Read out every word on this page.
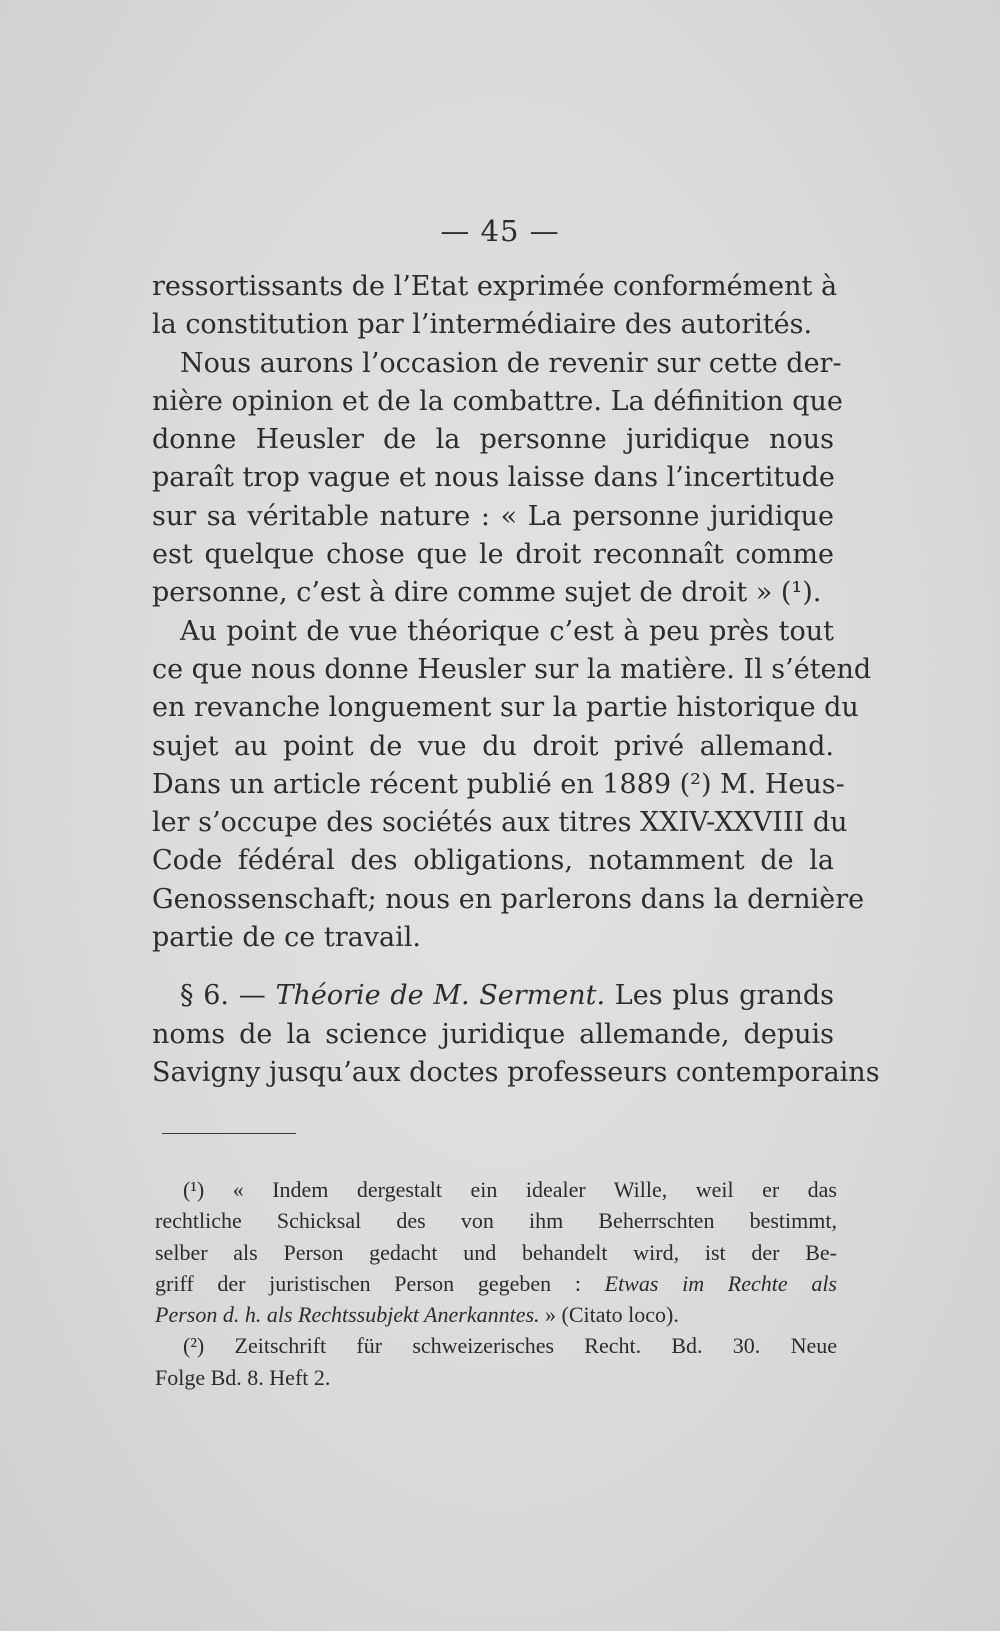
— 45 —
ressortissants de l’Etat exprimée conformément à
la constitution par l’intermédiaire des autorités.
Nous aurons l’occasion de revenir sur cette der-
nière opinion et de la combattre. La définition que
donne Heusler de la personne juridique nous
paraît trop vague et nous laisse dans l’incertitude
sur sa véritable nature : « La personne juridique
est quelque chose que le droit reconnaît comme
personne, c’est à dire comme sujet de droit » (¹).
Au point de vue théorique c’est à peu près tout
ce que nous donne Heusler sur la matière. Il s’étend
en revanche longuement sur la partie historique du
sujet au point de vue du droit privé allemand.
Dans un article récent publié en 1889 (²) M. Heus-
ler s’occupe des sociétés aux titres XXIV-XXVIII du
Code fédéral des obligations, notamment de la
Genossenschaft; nous en parlerons dans la dernière
partie de ce travail.
§ 6. — Théorie de M. Serment. Les plus grands
noms de la science juridique allemande, depuis
Savigny jusqu’aux doctes professeurs contemporains
(¹) « Indem dergestalt ein idealer Wille, weil er das
rechtliche Schicksal des von ihm Beherrschten bestimmt,
selber als Person gedacht und behandelt wird, ist der Be-
griff der juristischen Person gegeben : Etwas im Rechte als
Person d. h. als Rechtssubjekt Anerkanntes. » (Citato loco).
(²) Zeitschrift für schweizerisches Recht. Bd. 30. Neue
Folge Bd. 8. Heft 2.
